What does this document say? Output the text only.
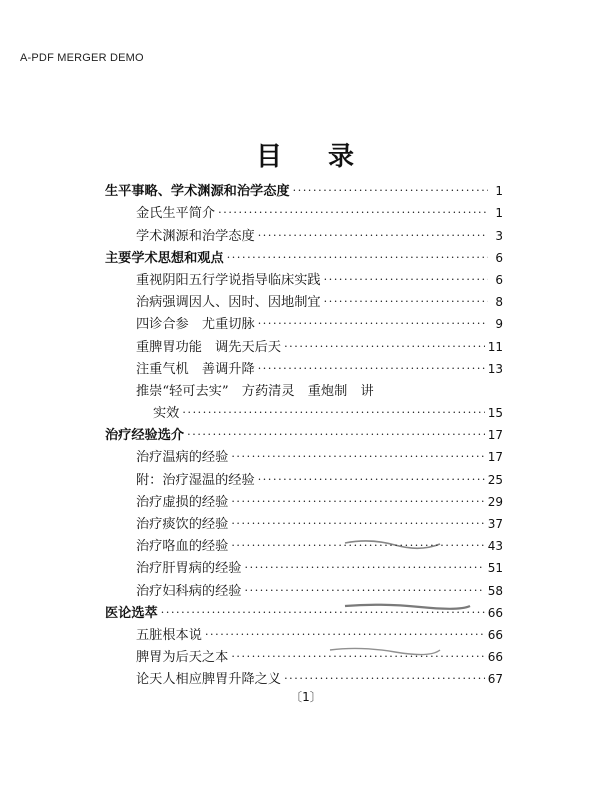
A-PDF MERGER DEMO
目 录
生平事略、学术渊源和治学态度 ·····	1
金氏生平简介 ·····	1
学术渊源和治学态度 ·····	3
主要学术思想和观点 ·····	6
重视阴阳五行学说指导临床实践 ·····	6
治病强调因人、因时、因地制宜 ·····	8
四诊合参　尤重切脉 ·····	9
重脾胃功能　调先天后天 ·····	11
注重气机　善调升降 ·····	13
推崇“轻可去实”　方药清灵　重炮制　讲
实效 ·····	15
治疗经验选介 ·····	17
治疗温病的经验 ·····	17
附：治疗湿温的经验 ·····	25
治疗虚损的经验 ·····	29
治疗痰饮的经验 ·····	37
治疗咯血的经验 ·····	43
治疗肝胃病的经验 ·····	51
治疗妇科病的经验 ·····	58
医论选萃 ·····	66
五脏根本说 ·····	66
脾胃为后天之本 ·····	66
论天人相应脾胃升降之义 ·····	67
〔1〕
